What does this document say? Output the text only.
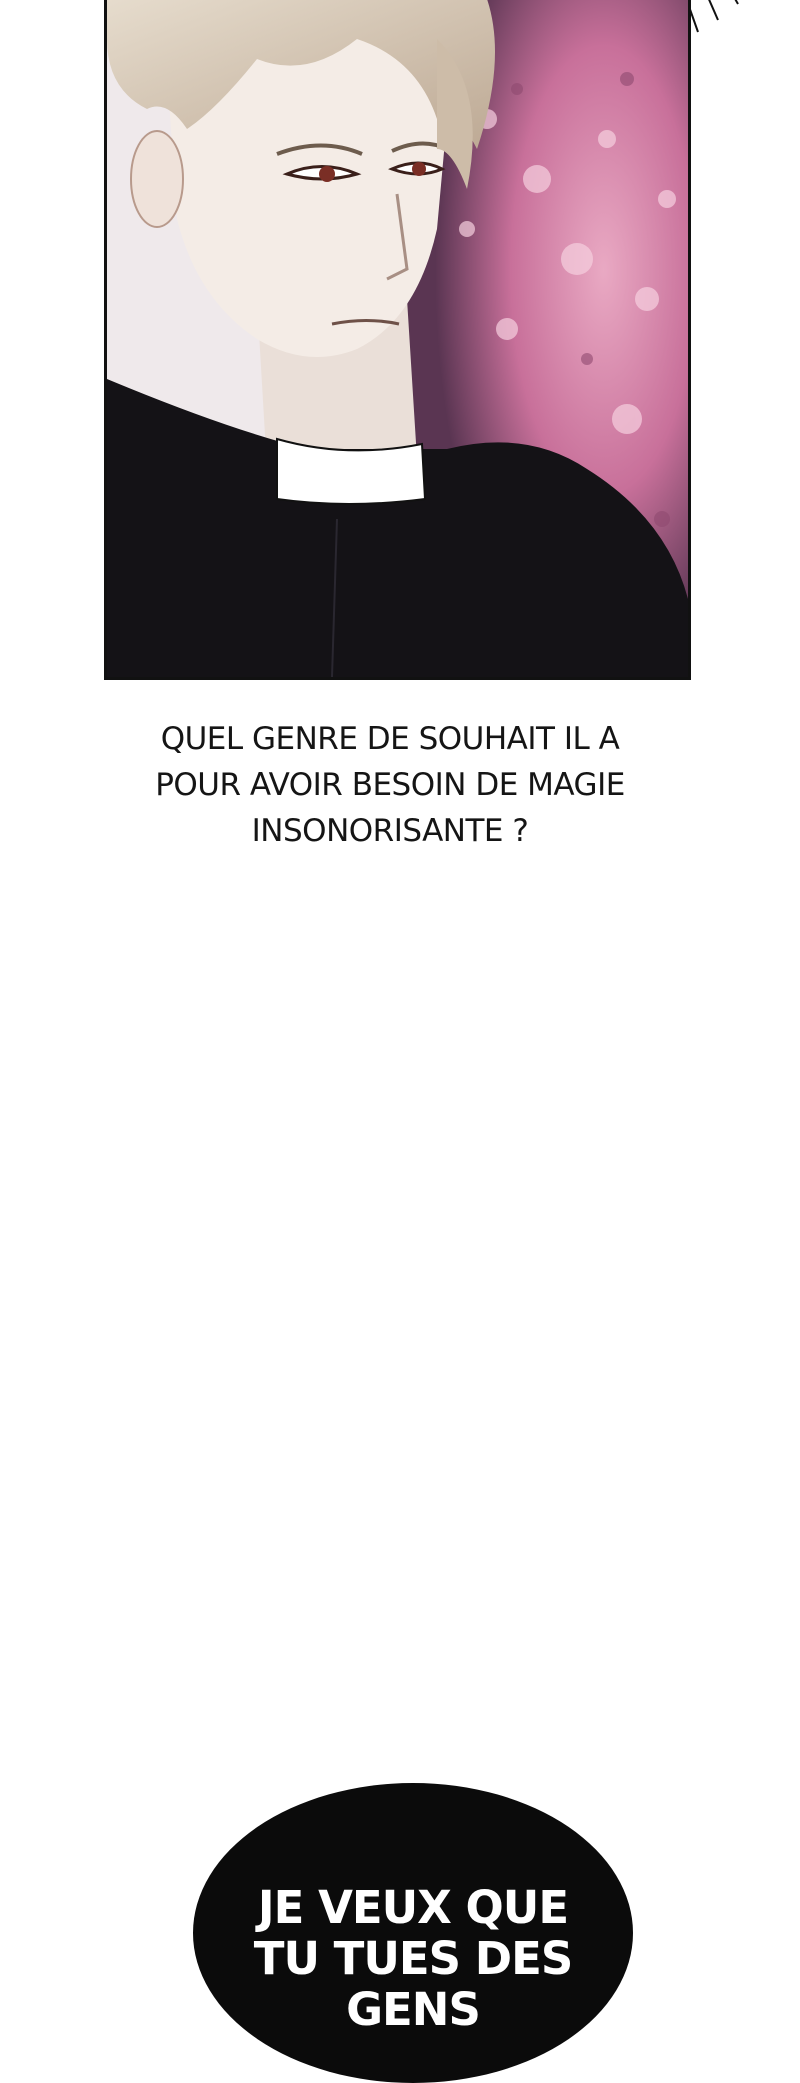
QUEL GENRE DE SOUHAIT IL A
POUR AVOIR BESOIN DE MAGIE
INSONORISANTE ?
JE VEUX QUE
TU TUES DES
GENS
